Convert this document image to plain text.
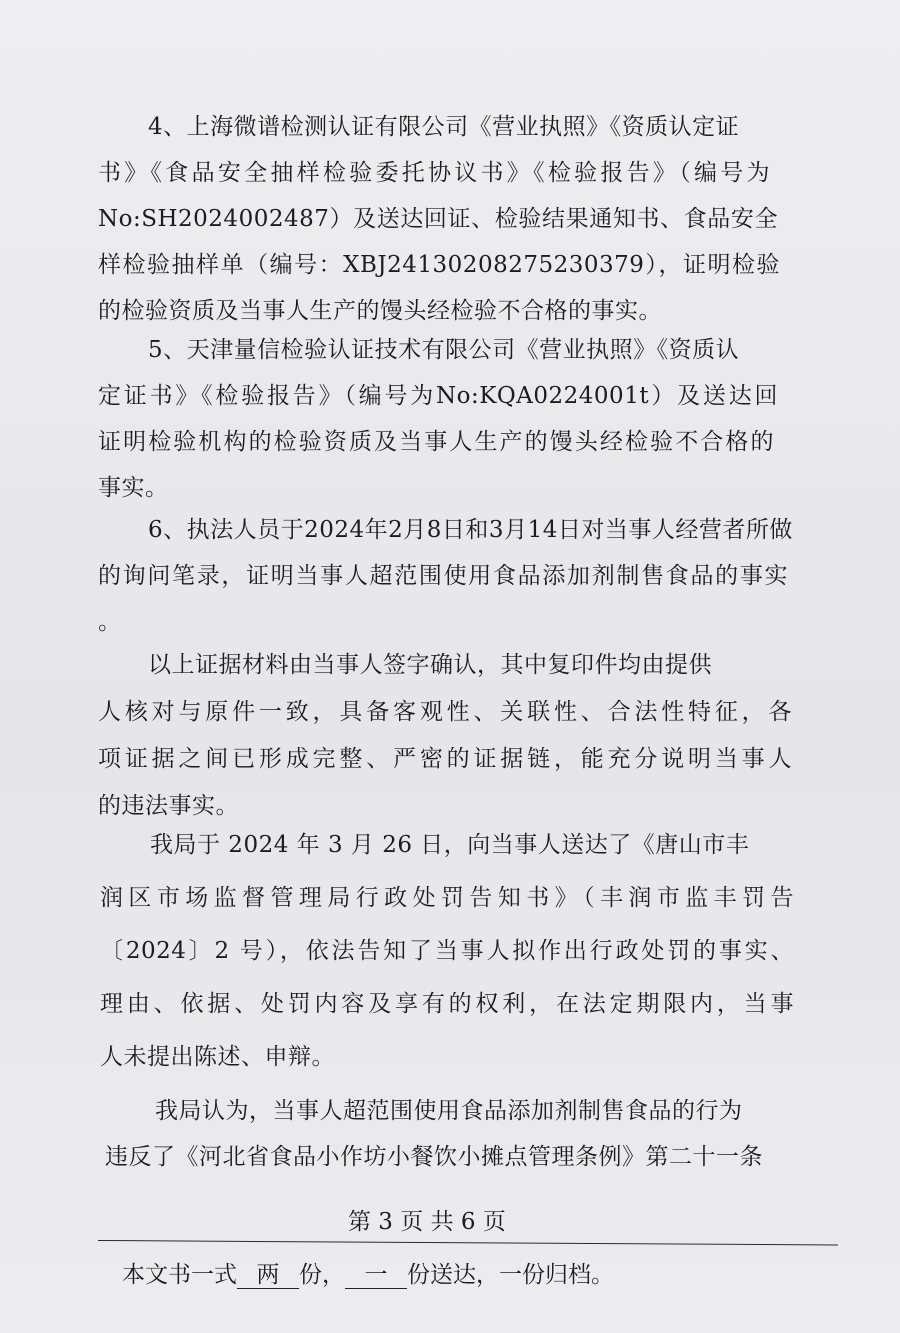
4、上海微谱检测认证有限公司《营业执照》《资质认定证
书》《食品安全抽样检验委托协议书》《检验报告》（编号为
No:SH2024002487）及送达回证、检验结果通知书、食品安全
样检验抽样单（编号：XBJ24130208275230379），证明检验
的检验资质及当事人生产的馒头经检验不合格的事实。
5、天津量信检验认证技术有限公司《营业执照》《资质认
定证书》《检验报告》（编号为No:KQA0224001t）及送达回
证明检验机构的检验资质及当事人生产的馒头经检验不合格的
事实。
6、执法人员于2024年2月8日和3月14日对当事人经营者所做
的询问笔录，证明当事人超范围使用食品添加剂制售食品的事实
。
以上证据材料由当事人签字确认，其中复印件均由提供
人核对与原件一致，具备客观性、关联性、合法性特征，各
项证据之间已形成完整、严密的证据链，能充分说明当事人
的违法事实。
我局于 2024 年 3 月 26 日，向当事人送达了《唐山市丰
润区市场监督管理局行政处罚告知书》（丰润市监丰罚告
〔2024〕2 号），依法告知了当事人拟作出行政处罚的事实、
理由、依据、处罚内容及享有的权利，在法定期限内，当事
人未提出陈述、申辩。
我局认为，当事人超范围使用食品添加剂制售食品的行为
违反了《河北省食品小作坊小餐饮小摊点管理条例》第二十一条
第 3 页 共 6 页
本文书一式 两 份， 一 份送达，一份归档。
